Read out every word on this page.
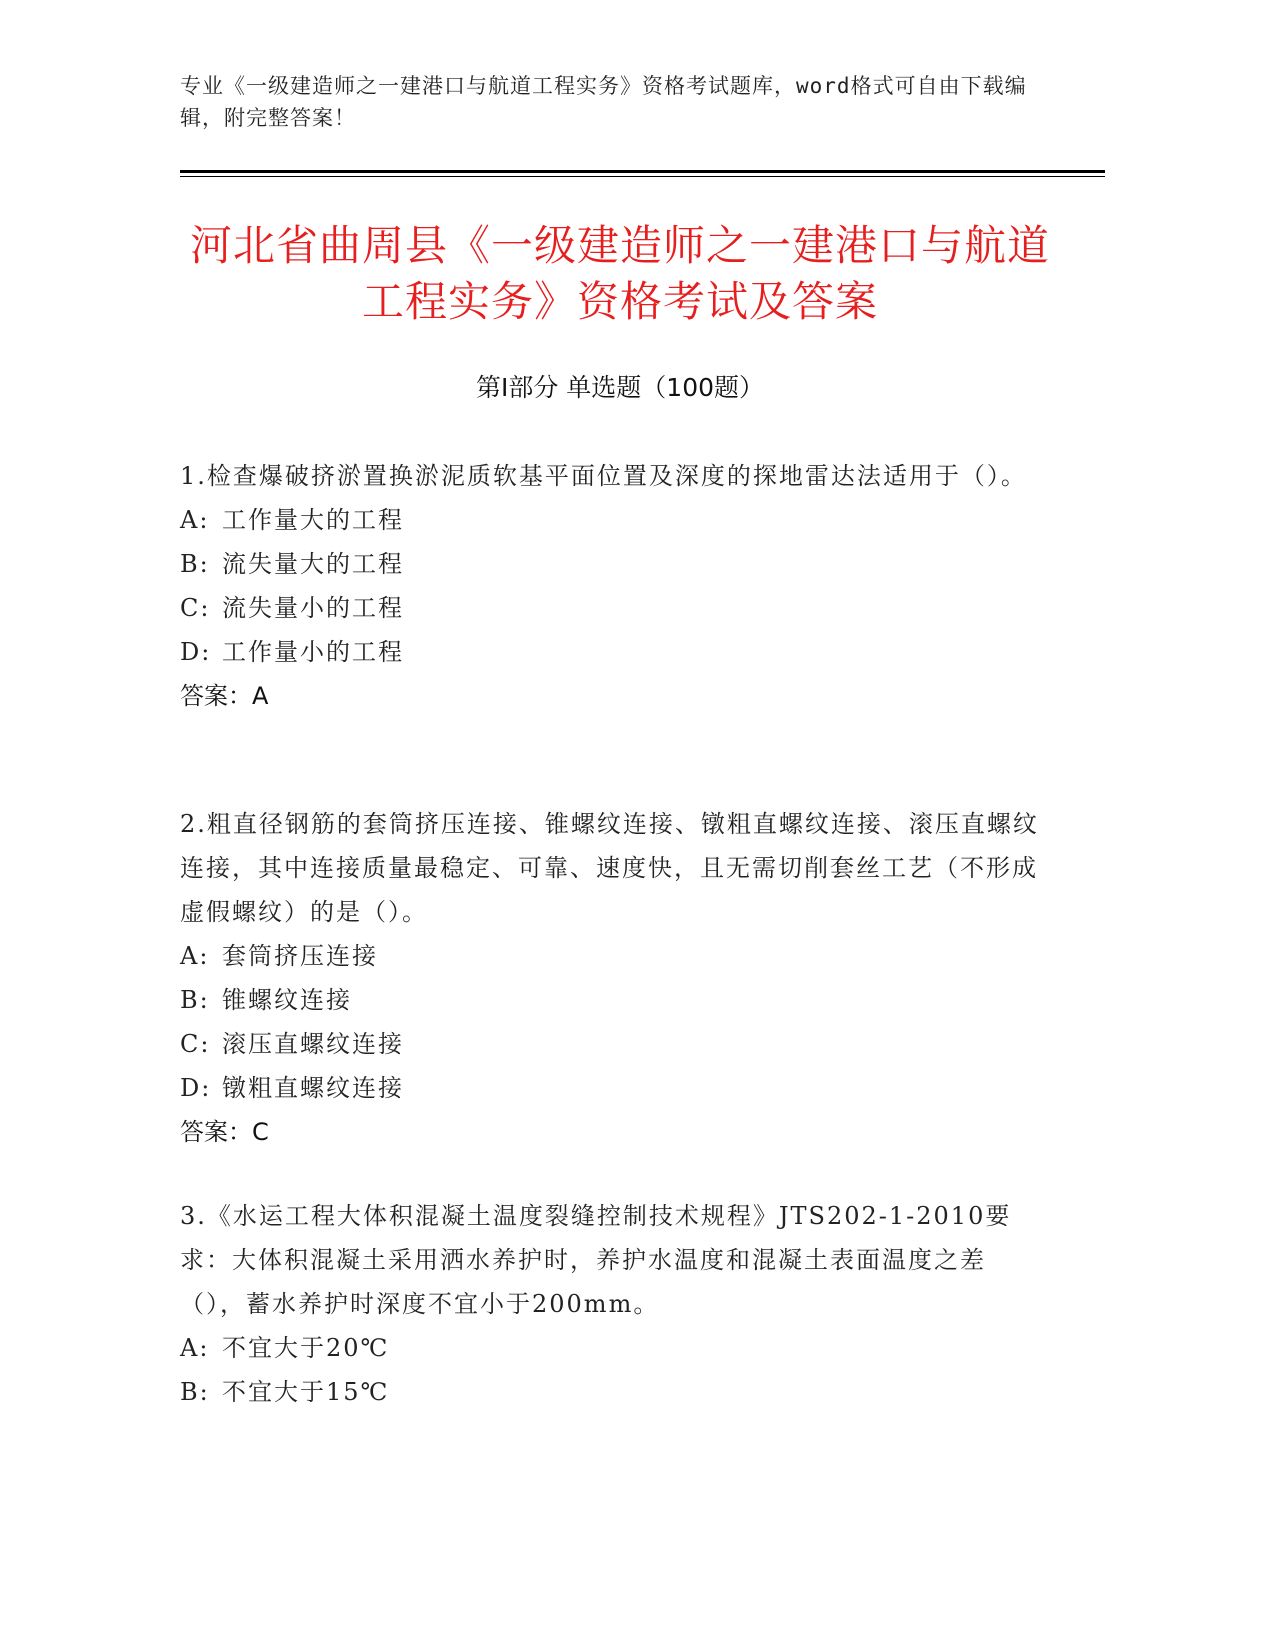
专业《一级建造师之一建港口与航道工程实务》资格考试题库，word格式可自由下载编辑，附完整答案！
河北省曲周县《一级建造师之一建港口与航道工程实务》资格考试及答案
第Ⅰ部分 单选题（100题）

1.检查爆破挤淤置换淤泥质软基平面位置及深度的探地雷达法适用于（）。

A: 工作量大的工程

B: 流失量大的工程

C: 流失量小的工程

D: 工作量小的工程

答案：A

2.粗直径钢筋的套筒挤压连接、锥螺纹连接、镦粗直螺纹连接、滚压直螺纹连接，其中连接质量最稳定、可靠、速度快，且无需切削套丝工艺（不形成虚假螺纹）的是（）。

A: 套筒挤压连接

B: 锥螺纹连接

C: 滚压直螺纹连接

D: 镦粗直螺纹连接

答案：C

3.《水运工程大体积混凝土温度裂缝控制技术规程》JTS202-1-2010要求：大体积混凝土采用洒水养护时，养护水温度和混凝土表面温度之差（），蓄水养护时深度不宜小于200mm。

A: 不宜大于20℃

B: 不宜大于15℃
